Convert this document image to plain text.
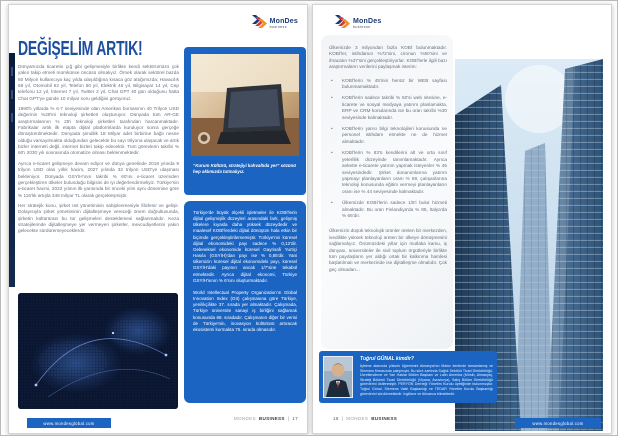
MonDes
business
DEĞİŞELİM ARTIK!

Dünyamızda ticaretin çığ gibi gelişmesiyle birlikte kendi sektörümüzü çok yakın takip etmeli mümkünse öncüsü olmalıyız. Örnek olarak sektörel bazda 50 Milyon kullanıcıya kaç yılda ulaşıldığına kısaca göz attığımızda; Havacılık 68 yıl, Otomobil 62 yıl, Telefon 50 yıl, Elektrik 46 yıl, Bilgisayar 14 yıl, Cep telefonu 12 yıl, İnternet 7 yıl, Twitter 2 yıl, Chat GPT 40 gün olduğunu hatta Chat GPT'ye günde 10 milyar soru geldiğini görüyoruz.

1990'lı yıllarda % 6-7 seviyesinde olan Amerikan borsasının 40 Trilyon USD değerinin %28'ini teknoloji şirketleri oluşturuyor. Dünyada tüm AR-GE araştırmalarının % 25'i teknoloji şirketleri tarafından harcanmaktadır. Fabrikalar artık ilk etapta dijital platformlarda kuruluyor sonra gerçeğe dönüştürülmektedir. Dünyada şimdilik 18 Milyar adet birbirine bağlı nesne olduğu varsayılmakta olduğundan gelecekte bu sayı trilyona ulaşacak ve artık bizler interneti değil, internet bizleri takip edecektir. Tüm görevlerin takribi % 60'ı 2030 yılı sonrasında otomatize olması beklenmektedir.

Ayrıca e-ticaret gelişmeye devam ediyor ve dünya genelinde 2018 yılında 9 trilyon USD olan yıllık hacim, 2027 yılında 32 trilyon USD'ye ulaşması bekleniyor. Dünyada GSYİH'ının takribi % 60'ını e-ticaret üzerinden gerçekleştiren ülkeler bulunduğu bilgisini de iyi değerlendirmeliyiz. Türkiye'nin e-ticaret hacmi, 2022 yılının ilk yarısında bir önceki yılın aynı dönemine göre % 116'lık artışla 348 milyar TL olarak gerçekleşmiştir.

Her stratejik konu, şirket üst yönetiminin sahiplenmesiyle filizlenir ve gelişir. Dolayısıyla şirket yönetiminin dijitalleşmeye vereceği önem doğrultusunda, şirketin kültürünün bu tür gelişmeleri desteklemesi sağlanmalıdır. Keza stratejilerinde dijitalleşmeye yer vermeyen şirketler, mevcudiyetlerini yakın gelecekte sürdüremeyeceklerdir.

“Kurum Kültürü, stratejiyi kahvaltıda yer” sözünü hep aklımızda tutmalıyız.

Türkiye'de büyük ölçekli işletmeler ile KOBİ'lerin dijital gelişmişlik düzeyleri arasındaki fark, gelişmiş ülkelere kıyasla daha yüksek düzeydedir ve maalesef KOBİ'lerdeki dijital dönüşüm hala etkin bir biçimde gerçekleştirilememiştir. Türkiye'nin küresel dijital ekonomideki payı sadece % 0,12'dir. Geleneksel ekonomide küresel Gayrisafi Yurtiçi Hasıla (GSYİH)'dan payı ise % 0,85'dir. Yani ülkemizin küresel dijital ekonomideki payı, küresel GSYİH'daki payının ancak 1/7'sine tekabül etmektedir. Ayrıca dijital ekonomi, Türkiye GSYİH'sının % 6'sını oluşturmaktadır.

World Intellectual Property Organization'ın Global Innovation Index (GII) çalışmasına göre Türkiye, yenilikçilikte 37. sırada yer almaktadır. Çalışmada, Türkiye üniversite sanayi iş birliğini sağlamak konusunda 68. sıradadır. Çalışmanın diğer bir verisi de Türkiye'nin, inovasyon kültürünü artıracak ekosistemi kurmakta 75. sırada olmasıdır.

MONDES BUSINESS | 17
www.mondesglobal.com
MonDes
business

Ülkemizde 3 milyondan fazla KOBİ bulunmaktadır. KOBİ'ler, istihdamın %72'sini, cironun %50'sini ve ihracatın %37'sini gerçekleştiriyorlar. KOBİ'lerle ilgili bazı araştırmaların verilerini paylaşmak isterim:

• KOBİ'lerin % 45'inin henüz bir WEB sayfası bulunmamaktadır.
• KOBİ'lerin sadece takribi % 50'si web sitesine, e-ticarete ve sosyal medyaya yatırım planlamakta, ERP ve CRM konularında ise bu oran takribi %30 seviyesinde kalmaktadır.
• KOBİ'lerin yarısı bilgi teknolojileri konusunda ne personel istihdam etmekte ne de hizmet almaktadır.
• KOBİ'lerin % 83'ü kendilerini alt ve orta sınıf yeterlilik düzeyinde tanımlamaktadır. Ayrıca ankette e-ticarete yatırım yapmak isteyenler % 46 seviyesindedir. Şirket donanımlarına yatırım yapmayı planlayanların oranı % 59, çalışanlarına teknoloji konusunda eğitim vermeyi planlayanların oranı ise % 44 seviyesinde kalmaktadır.
• Ülkemizde KOBİ'lerin sadece 1/5'i bulut hizmeti almaktadır. Bu oran Finlandiya'da % 85, İtalya'da % 66'dır.

Ülkemizin düşük teknolojik ürünler üreten bir merkezden, ivedilikle yüksek teknoloji üreten bir ülkeye dönüşmesini sağlamalıyız. Önümüzdeki yıllar için mutlaka kamu, iş dünyası, üniversiteler ile sivil toplum örgütleriyle birlikte tüm paydaşların yer aldığı ortak bir kalkınma hamlesi başlatılmalı ve merkezinde ise dijitalleşme olmalıdır. Çok geç olmadan...

Tuğrul GÜNAL kimdir?
İşletme alanında yüksek öğrenimini Almanya'nın Mainz kentinde tamamlamış ve Siemens firmasında çalışmıştır. Bu süre zarfında Sağlık Sektörü Ticari Direktörlüğü, Ücretlendirme ve Yan Haklar Bölüm Başkanı ve Latin Amerika (Münih, Almanya), Strateji Bölümü Ticari Direktörlüğü (Viyana, Avusturya), Satış Bölüm Direktörlüğü görevlerini üstlenmiştir. PERYÖN Derneği Yönetim Kurulu üyeliğinde bulunmuştur. Tuğrul Günal, Siemens Vakfı Başkanlığı ve TEDAR Yönetim Kurulu Başkanlığı görevlerini sürdürmektedir. İngilizce ve Almanca bilmektedir.
18 | MONDES BUSINESS
www.mondesglobal.com
